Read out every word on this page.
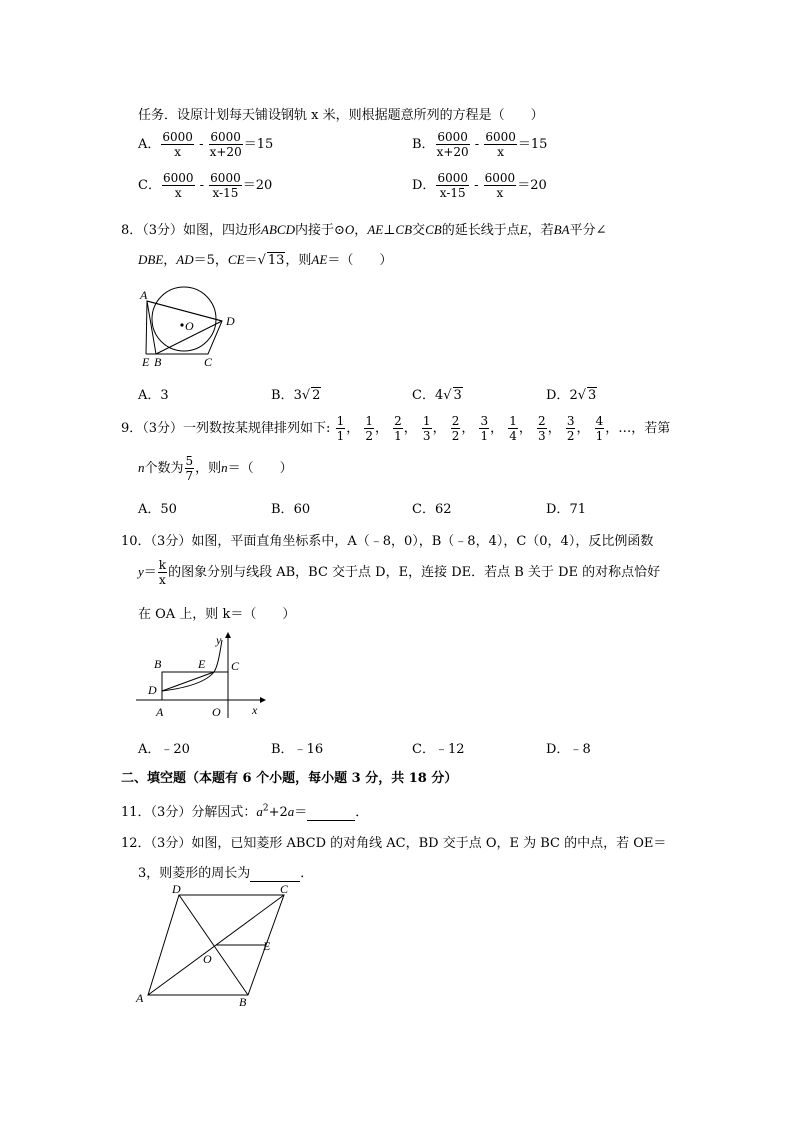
任务．设原计划每天铺设钢轨 x 米，则根据题意所列的方程是（　　）
A． $\frac{6000}{x} - \frac{6000}{x+20} =15$	B． $\frac{6000}{x+20} - \frac{6000}{x} =15$
C． $\frac{6000}{x} - \frac{6000}{x-15} =20$	D． $\frac{6000}{x-15} - \frac{6000}{x} =20$
8．（3分）如图，四边形ABCD内接于⊙O，AE⊥CB交CB的延长线于点E，若BA平分∠
DBE，AD＝5，CE＝√ 13，则AE＝（　　）
A
D
O
E B	C
A．3	B．3√ 2	C．4√ 3	D．2√ 3
9．（3分）一列数按某规律排列如下: $\frac{1}{1}$ ， $\frac{1}{2}$ ， $\frac{2}{1}$ ， $\frac{1}{3}$ ， $\frac{2}{2}$ ， $\frac{3}{1}$ ， $\frac{1}{4}$ ， $\frac{2}{3}$ ， $\frac{3}{2}$ ， $\frac{4}{1}$ ，…，若第
n个数为 $\frac{5}{7}$ ，则n＝（　　）
A．50	B．60	C．62	D．71
10．（3分）如图，平面直角坐标系中，A（﹣8，0），B（﹣8，4），C（0，4），反比例函数
$y= \frac{k}{x}$ 的图象分别与线段 AB，BC 交于点 D，E，连接 DE．若点 B 关于 DE 的对称点恰好
在 OA 上，则 k＝（　　）
y
x
B	E C
D
A	O
A．﹣20	B．﹣16	C．﹣12	D．﹣8
二、填空题（本题有 6 个小题，每小题 3 分，共 18 分）
11．（3分）分解因式：$a^2+2a=$	．
12．（3分）如图，已知菱形 ABCD 的对角线 AC，BD 交于点 O，E 为 BC 的中点，若 OE＝
3，则菱形的周长为	．
D	C
E
O
A	B
